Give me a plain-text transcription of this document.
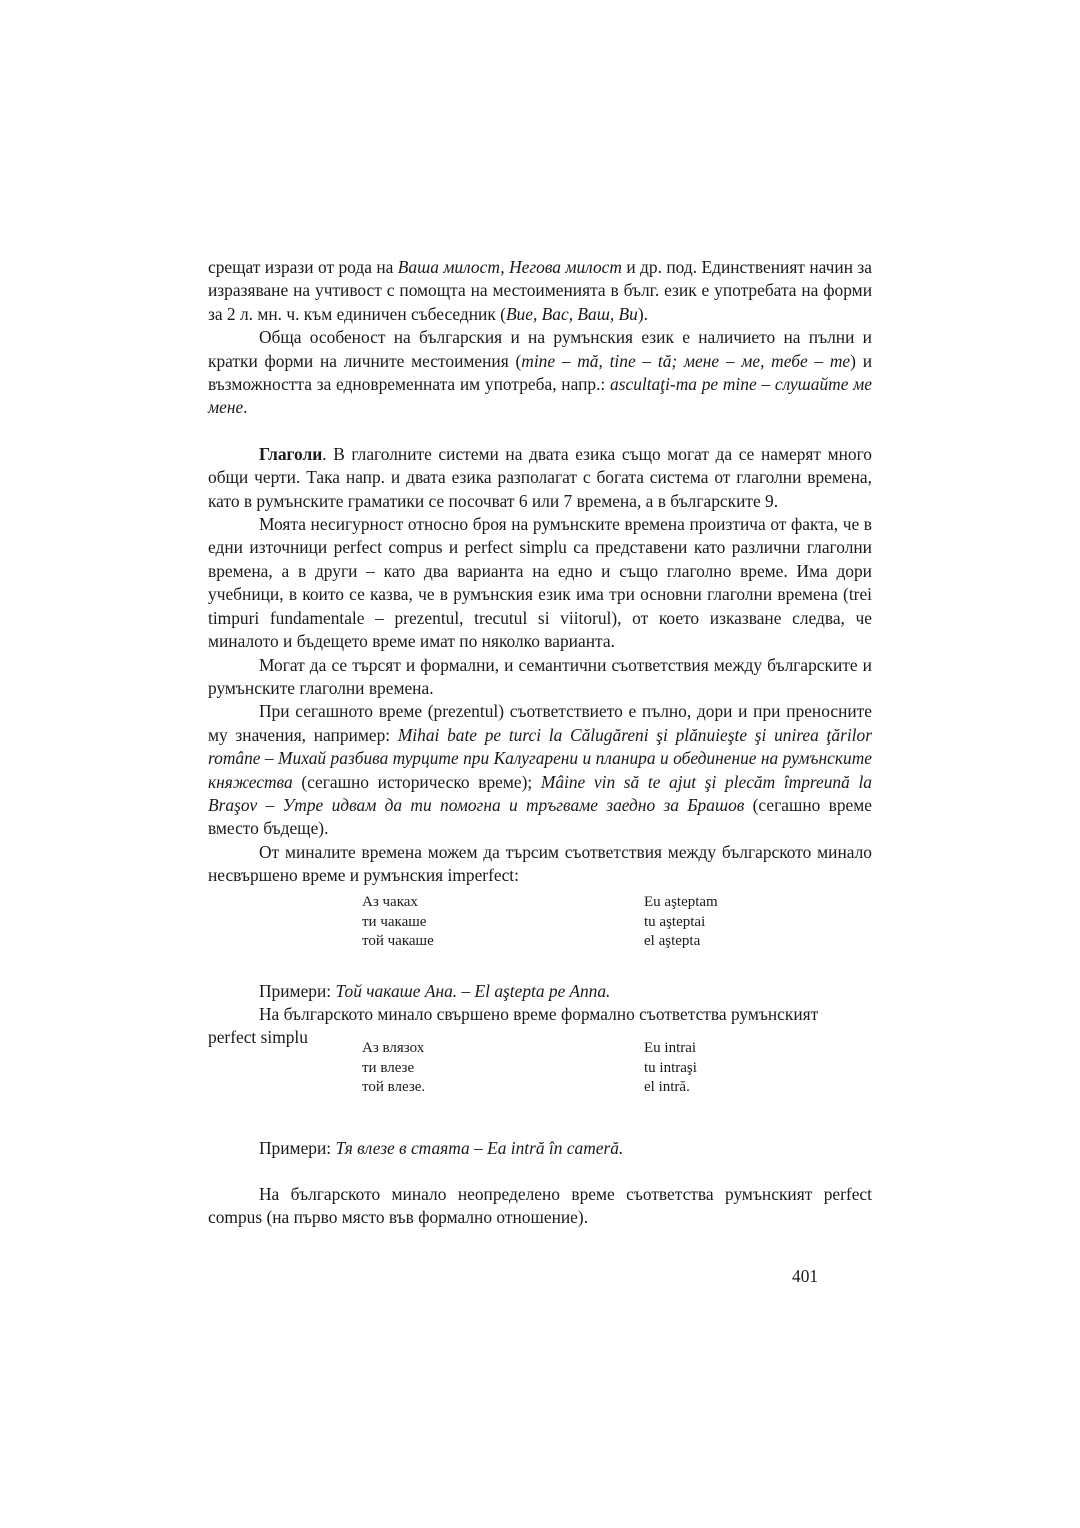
срещат изрази от рода на Ваша милост, Негова милост и др. под. Единственият начин за изразяване на учтивост с помощта на местоименията в бълг. език е употребата на форми за 2 л. мн. ч. към единичен събеседник (Вие, Вас, Ваш, Ви).

Обща особеност на българския и на румънския език е наличието на пълни и кратки форми на личните местоимения (mine – mă, tine – tă; мене – ме, тебе – те) и възможността за едновременната им употреба, напр.: ascultaţi-ma pe mine – слушайте ме мене.

Глаголи. В глаголните системи на двата езика също могат да се намерят много общи черти. Така напр. и двата езика разполагат с богата система от глаголни времена, като в румънските граматики се посочват 6 или 7 времена, а в българските 9.

Моята несигурност относно броя на румънските времена произтича от факта, че в едни източници perfect compus и perfect simplu са представени като различни глаголни времена, а в други – като два варианта на едно и също глаголно време. Има дори учебници, в които се казва, че в румънския език има три основни глаголни времена (trei timpuri fundamentale – prezentul, trecutul si viitorul), от което изказване следва, че миналото и бъдещето време имат по няколко варианта.

Могат да се търсят и формални, и семантични съответствия между българските и румънските глаголни времена.

При сегашното време (prezentul) съответствието е пълно, дори и при преносните му значения, например: Mihai bate pe turci la Călugăreni şi plănuieşte şi unirea ţărilor române – Михай разбива турците при Калугарени и планира и обединение на румънските княжества (сегашно историческо време); Mâine vin să te ajut şi plecăm împreună la Braşov – Утре идвам да ти помогна и тръгваме заедно за Брашов (сегашно време вместо бъдеще).

От миналите времена можем да търсим съответствия между българското минало несвършено време и румънския imperfect:

Аз чаках
ти чакаше
той чакаше
Eu aşteptam
tu aşteptai
el aştepta
Примери: Той чакаше Ана. – El aştepta pe Anna.
На българското минало свършено време формално съответства румънският
perfect simplu
Аз влязох
ти влезе
той влезе.
Eu intrai
tu intraşi
el intră.
Примери: Тя влезе в стаята – Ea intră în cameră.

На българското минало неопределено време съответства румънският perfect compus (на първо място във формално отношение).

401
